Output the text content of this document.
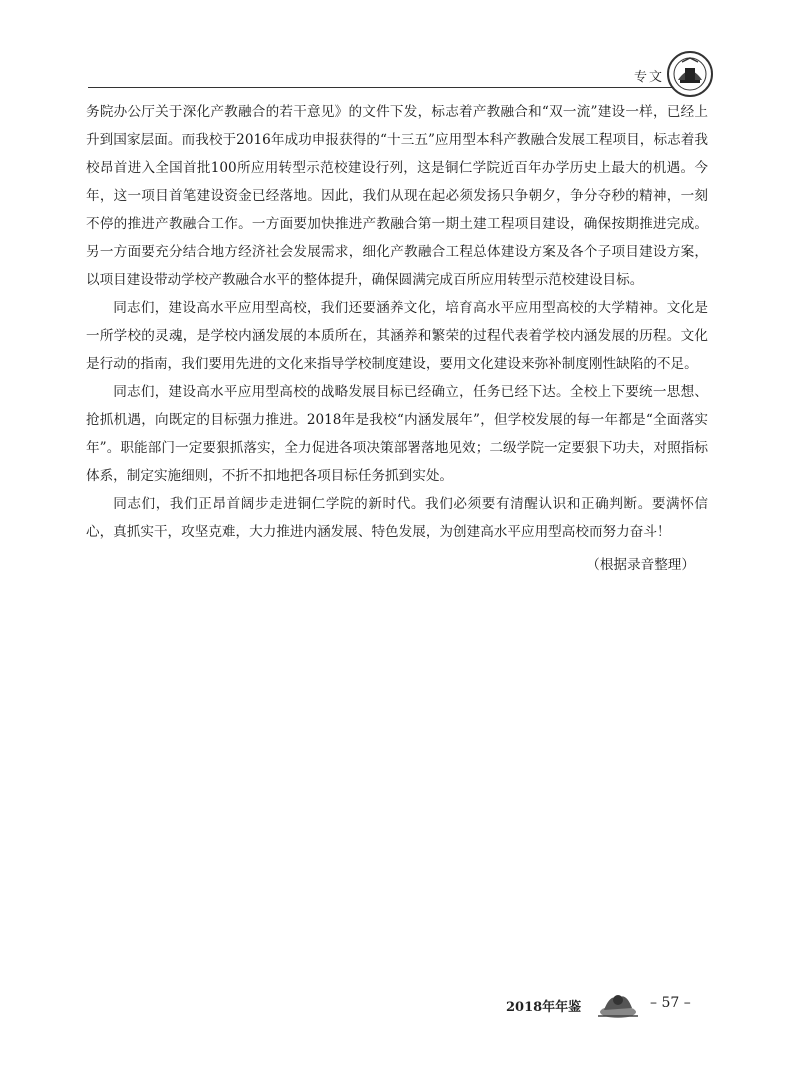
专文

务院办公厅关于深化产教融合的若干意见》的文件下发，标志着产教融合和“双一流”建设一样，已经上升到国家层面。而我校于2016年成功申报获得的“十三五”应用型本科产教融合发展工程项目，标志着我校昂首进入全国首批100所应用转型示范校建设行列，这是铜仁学院近百年办学历史上最大的机遇。今年，这一项目首笔建设资金已经落地。因此，我们从现在起必须发扬只争朝夕，争分夺秒的精神，一刻不停的推进产教融合工作。一方面要加快推进产教融合第一期土建工程项目建设，确保按期推进完成。另一方面要充分结合地方经济社会发展需求，细化产教融合工程总体建设方案及各个子项目建设方案，以项目建设带动学校产教融合水平的整体提升，确保圆满完成百所应用转型示范校建设目标。

同志们，建设高水平应用型高校，我们还要涵养文化，培育高水平应用型高校的大学精神。文化是一所学校的灵魂，是学校内涵发展的本质所在，其涵养和繁荣的过程代表着学校内涵发展的历程。文化是行动的指南，我们要用先进的文化来指导学校制度建设，要用文化建设来弥补制度刚性缺陷的不足。

同志们，建设高水平应用型高校的战略发展目标已经确立，任务已经下达。全校上下要统一思想、抢抓机遇，向既定的目标强力推进。2018年是我校“内涵发展年”，但学校发展的每一年都是“全面落实年”。职能部门一定要狠抓落实，全力促进各项决策部署落地见效；二级学院一定要狠下功夫，对照指标体系，制定实施细则，不折不扣地把各项目标任务抓到实处。

同志们，我们正昂首阔步走进铜仁学院的新时代。我们必须要有清醒认识和正确判断。要满怀信心，真抓实干，攻坚克难，大力推进内涵发展、特色发展，为创建高水平应用型高校而努力奋斗！

（根据录音整理）
2018年年鉴	– 57 –
